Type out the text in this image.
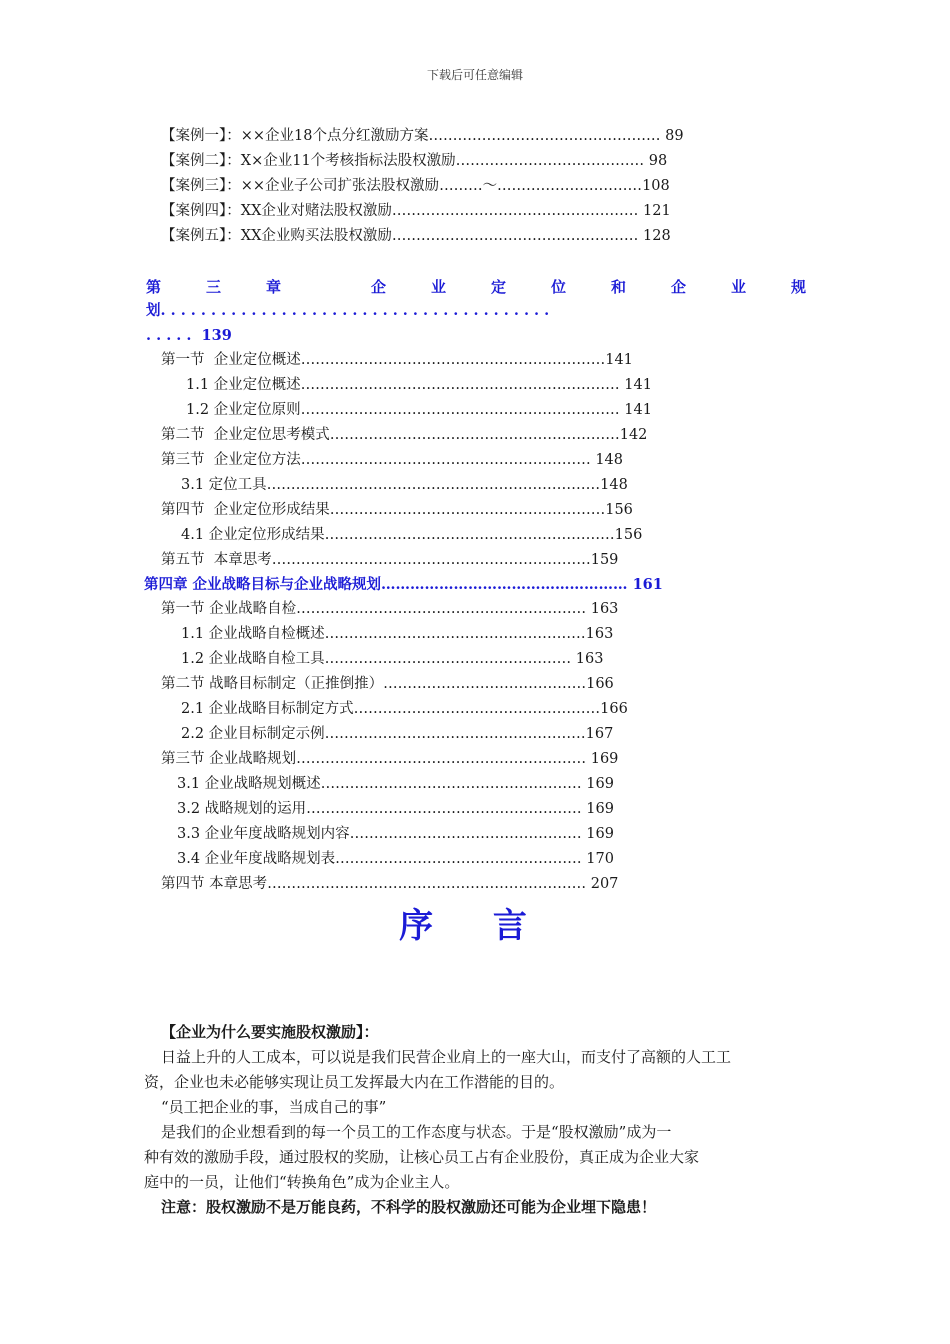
下载后可任意编辑
【案例一】：××企业18个点分红激励方案………………………………………… 89
【案例二】：X×企业11个考核指标法股权激励………………………………… 98
【案例三】：××企业子公司扩张法股权激励………～…………………………108
【案例四】：XX企业对赌法股权激励…………………………………………… 121
【案例五】：XX企业购买法股权激励…………………………………………… 128
第	三	章	企	业	定	位	和	企	业	规
划. . . . . . . . . . . . . . . . . . . . . . . . . . . . . . . . . . . . . . .
. . . . . 139
第一节  企业定位概述………………………………………………………141
1.1 企业定位概述………………………………………………………… 141
1.2 企业定位原则………………………………………………………… 141
第二节  企业定位思考模式……………………………………………………142
第三节  企业定位方法…………………………………………………… 148
3.1 定位工具……………………………………………………………148
第四节  企业定位形成结果…………………………………………………156
4.1 企业定位形成结果……………………………………………………156
第五节  本章思考…………………………………………………………159
第四章 企业战略目标与企业战略规划…………………………………………… 161
第一节 企业战略自检…………………………………………………… 163
1.1 企业战略自检概述………………………………………………163
1.2 企业战略自检工具…………………………………………… 163
第二节 战略目标制定（正推倒推）……………………………………166
2.1 企业战略目标制定方式……………………………………………166
2.2 企业目标制定示例………………………………………………167
第三节 企业战略规划…………………………………………………… 169
3.1 企业战略规划概述……………………………………………… 169
3.2 战略规划的运用………………………………………………… 169
3.3 企业年度战略规划内容………………………………………… 169
3.4 企业年度战略规划表…………………………………………… 170
第四节 本章思考………………………………………………………… 207
序 言
【企业为什么要实施股权激励】：
日益上升的人工成本，可以说是我们民营企业肩上的一座大山，而支付了高额的人工工
资，企业也未必能够实现让员工发挥最大内在工作潜能的目的。
“员工把企业的事，当成自己的事”
是我们的企业想看到的每一个员工的工作态度与状态。于是“股权激励”成为一
种有效的激励手段，通过股权的奖励，让核心员工占有企业股份，真正成为企业大家
庭中的一员，让他们“转换角色”成为企业主人。
注意：股权激励不是万能良药，不科学的股权激励还可能为企业埋下隐患！
